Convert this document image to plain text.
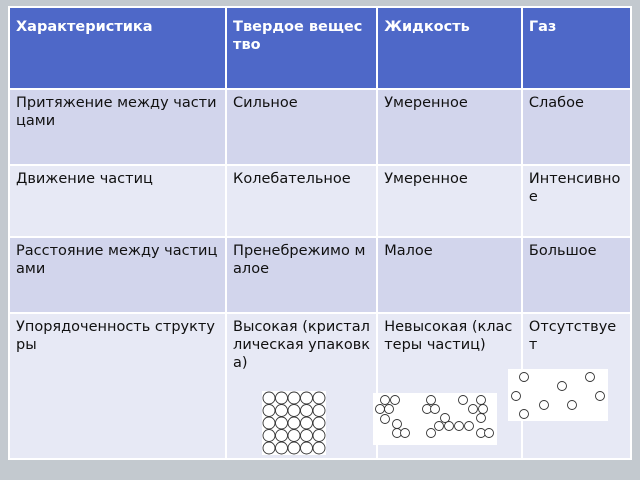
Характеристика	Твердое вещество	Жидкость	Газ
Притяжение между частицами	Сильное	Умеренное	Слабое
Движение частиц	Колебательное	Умеренное	Интенсивное
Расстояние между частицами	Пренебрежимо малое	Малое	Большое
Упорядоченность структуры	Высокая (кристаллическая упаковка)	Невысокая (кластеры частиц)	Отсутствует
